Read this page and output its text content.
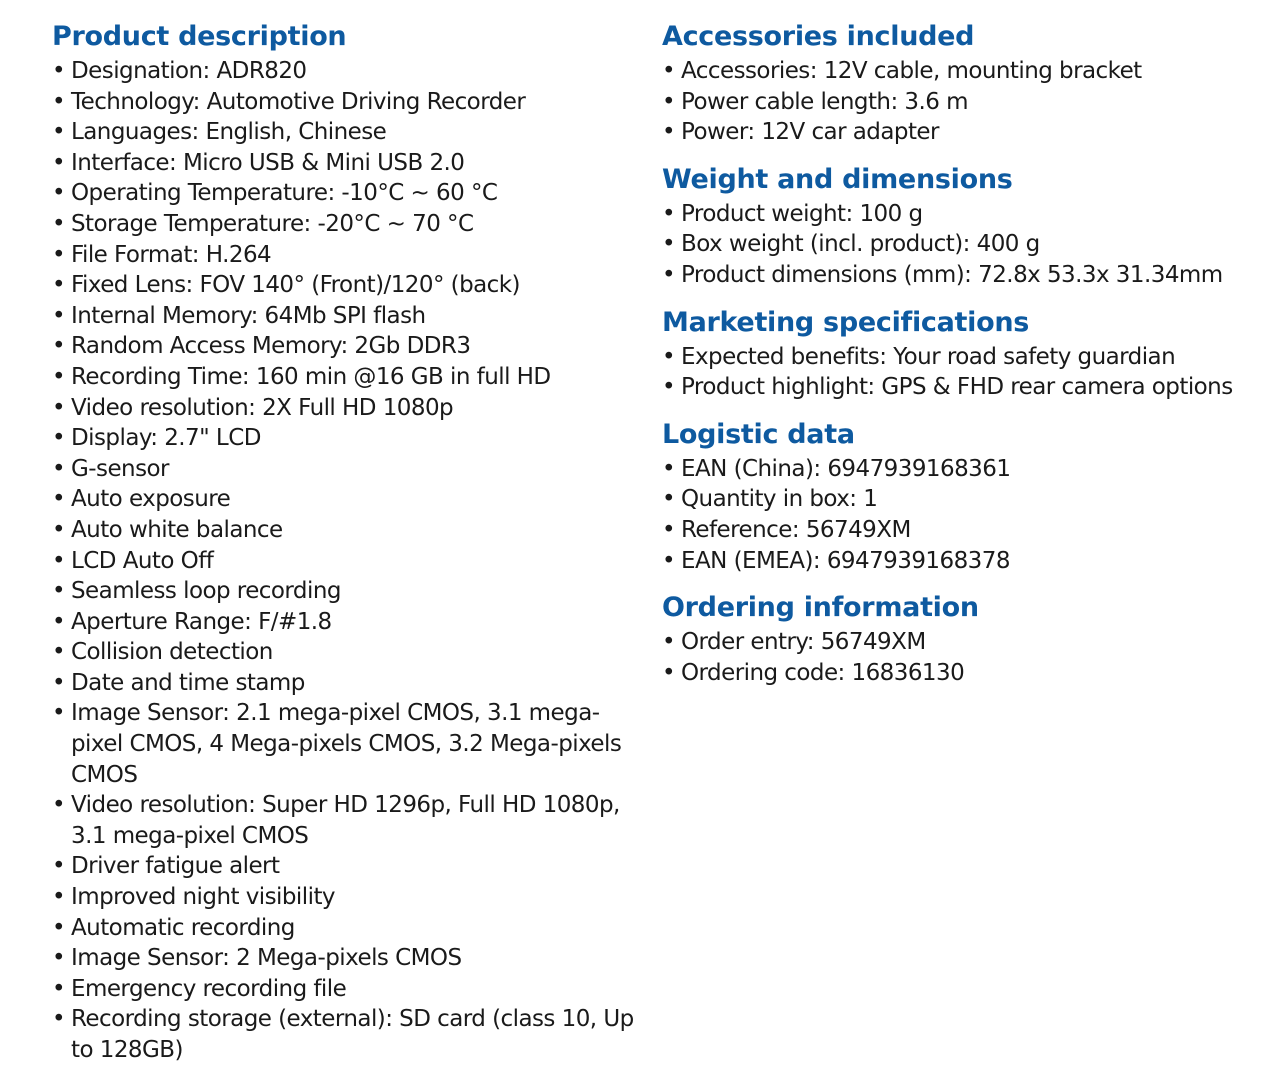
Product description
• Designation: ADR820
• Technology: Automotive Driving Recorder
• Languages: English, Chinese
• Interface: Micro USB & Mini USB 2.0
• Operating Temperature: -10°C ~ 60 °C
• Storage Temperature: -20°C ~ 70 °C
• File Format: H.264
• Fixed Lens: FOV 140° (Front)/120° (back)
• Internal Memory: 64Mb SPI flash
• Random Access Memory: 2Gb DDR3
• Recording Time: 160 min @16 GB in full HD
• Video resolution: 2X Full HD 1080p
• Display: 2.7" LCD
• G-sensor
• Auto exposure
• Auto white balance
• LCD Auto Off
• Seamless loop recording
• Aperture Range: F/#1.8
• Collision detection
• Date and time stamp
• Image Sensor: 2.1 mega-pixel CMOS, 3.1 mega-pixel CMOS, 4 Mega-pixels CMOS, 3.2 Mega-pixels CMOS
• Video resolution: Super HD 1296p, Full HD 1080p, 3.1 mega-pixel CMOS
• Driver fatigue alert
• Improved night visibility
• Automatic recording
• Image Sensor: 2 Mega-pixels CMOS
• Emergency recording file
• Recording storage (external): SD card (class 10, Up to 128GB)
Accessories included
• Accessories: 12V cable, mounting bracket
• Power cable length: 3.6 m
• Power: 12V car adapter
Weight and dimensions
• Product weight: 100 g
• Box weight (incl. product): 400 g
• Product dimensions (mm): 72.8x 53.3x 31.34mm
Marketing specifications
• Expected benefits: Your road safety guardian
• Product highlight: GPS & FHD rear camera options
Logistic data
• EAN (China): 6947939168361
• Quantity in box: 1
• Reference: 56749XM
• EAN (EMEA): 6947939168378
Ordering information
• Order entry: 56749XM
• Ordering code: 16836130
